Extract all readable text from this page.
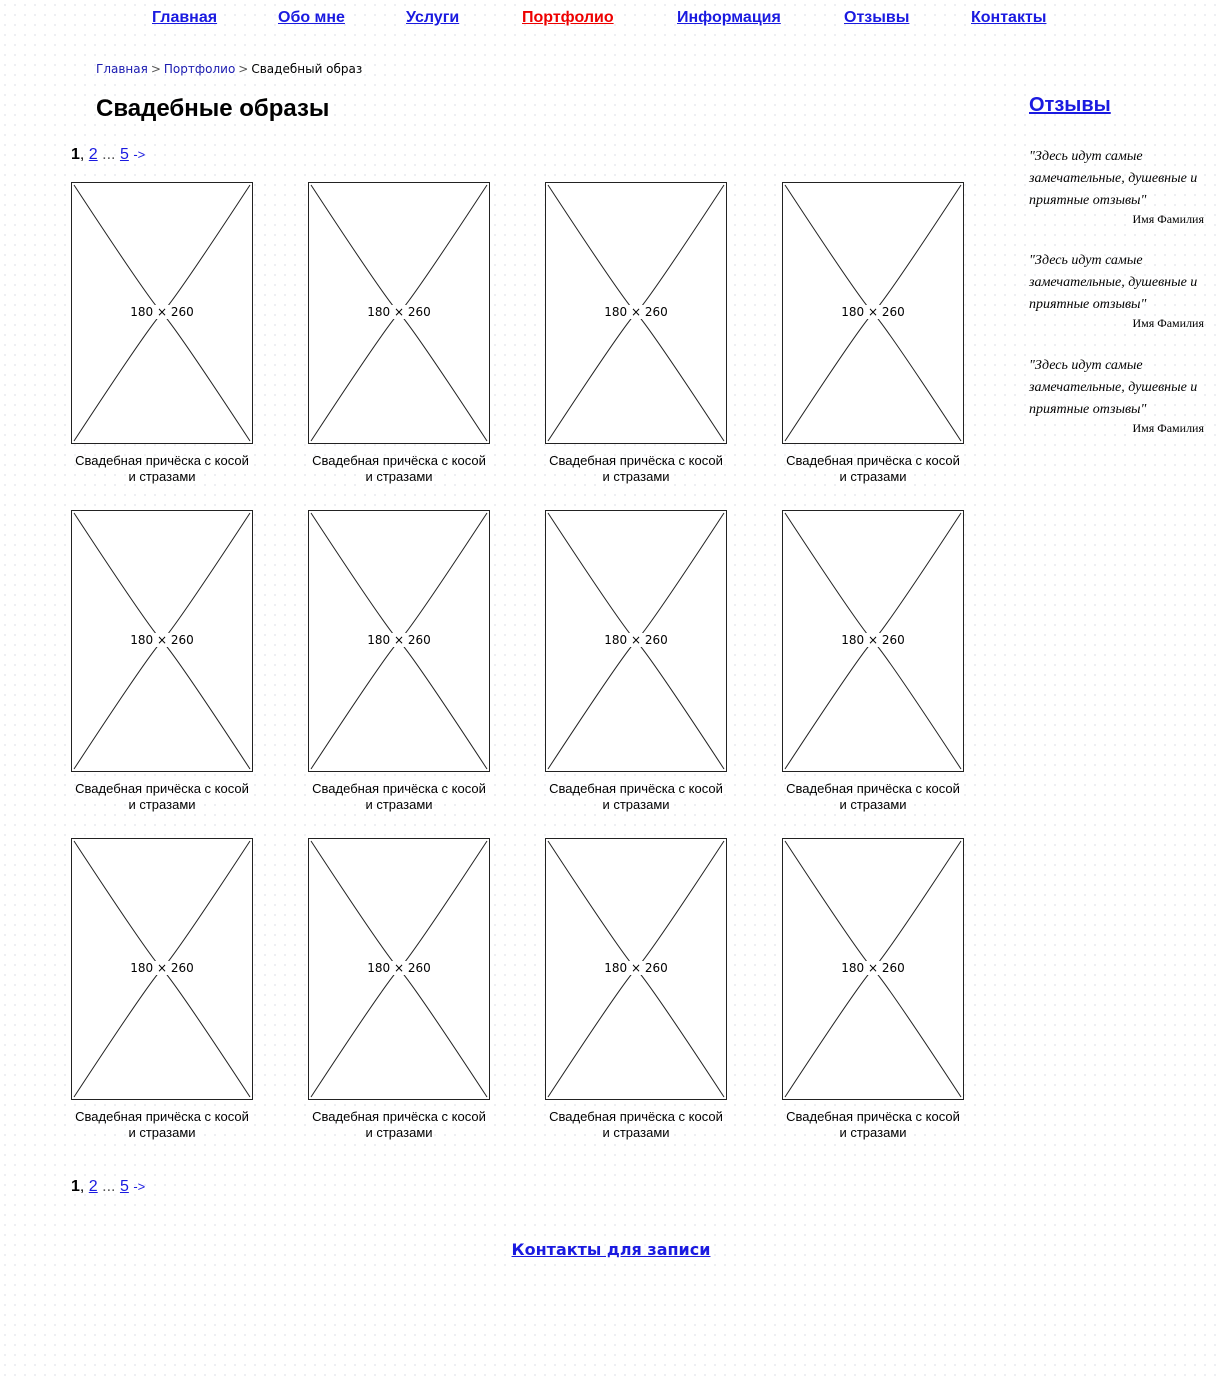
Главная	Обо мне	Услуги	Портфолио	Информация	Отзывы	Контакты
Главная > Портфолио > Свадебный образ
Свадебные образы
1, 2 ... 5 ->
180 × 260
Свадебная причёска с косой и стразами
180 × 260
Свадебная причёска с косой и стразами
180 × 260
Свадебная причёска с косой и стразами
180 × 260
Свадебная причёска с косой и стразами
180 × 260
Свадебная причёска с косой и стразами
180 × 260
Свадебная причёска с косой и стразами
180 × 260
Свадебная причёска с косой и стразами
180 × 260
Свадебная причёска с косой и стразами
180 × 260
Свадебная причёска с косой и стразами
180 × 260
Свадебная причёска с косой и стразами
180 × 260
Свадебная причёска с косой и стразами
180 × 260
Свадебная причёска с косой и стразами
1, 2 ... 5 ->
Отзывы

"Здесь идут самые замечательные, душевные и приятные отзывы"

Имя Фамилия

"Здесь идут самые замечательные, душевные и приятные отзывы"

Имя Фамилия

"Здесь идут самые замечательные, душевные и приятные отзывы"

Имя Фамилия

Контакты для записи
